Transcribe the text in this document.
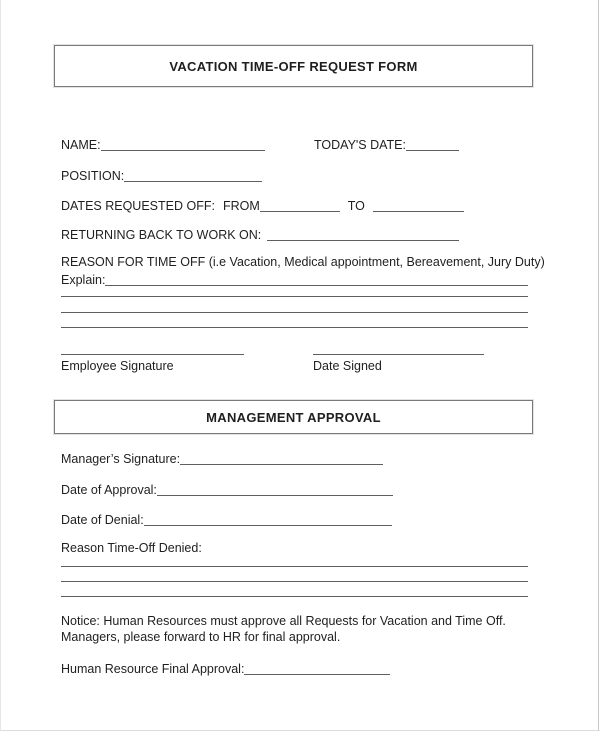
VACATION TIME-OFF REQUEST FORM
NAME:	TODAY'S DATE:
POSITION:
DATES REQUESTED OFF: FROM	TO
RETURNING BACK TO WORK ON:
REASON FOR TIME OFF (i.e Vacation, Medical appointment, Bereavement, Jury Duty)
Explain:
Employee Signature	Date Signed
MANAGEMENT APPROVAL
Manager’s Signature:
Date of Approval:
Date of Denial:
Reason Time-Off Denied:
Notice: Human Resources must approve all Requests for Vacation and Time Off.
Managers, please forward to HR for final approval.
Human Resource Final Approval:
